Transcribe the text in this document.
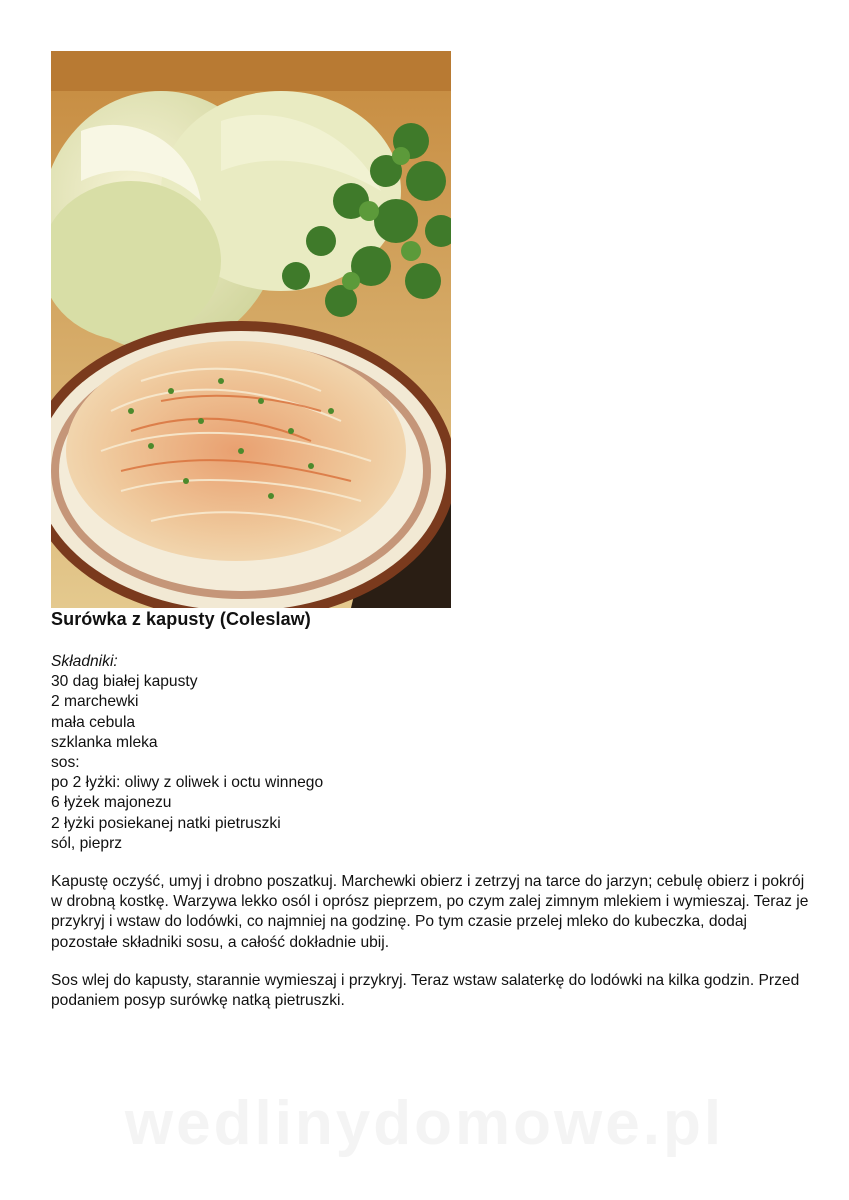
Surówka z kapusty (Coleslaw)
Składniki:
30 dag białej kapusty
2 marchewki
mała cebula
szklanka mleka
sos:
po 2 łyżki: oliwy z oliwek i octu winnego
6 łyżek majonezu
2 łyżki posiekanej natki pietruszki
sól, pieprz

Kapustę oczyść, umyj i drobno poszatkuj. Marchewki obierz i zetrzyj na tarce do jarzyn; cebulę obierz i pokrój w drobną kostkę. Warzywa lekko osól i oprósz pieprzem, po czym zalej zimnym mlekiem i wymieszaj. Teraz je przykryj i wstaw do lodówki, co najmniej na godzinę. Po tym czasie przelej mleko do kubeczka, dodaj pozostałe składniki sosu, a całość dokładnie ubij.

Sos wlej do kapusty, starannie wymieszaj i przykryj. Teraz wstaw salaterkę do lodówki na kilka godzin. Przed podaniem posyp surówkę natką pietruszki.

wedlinydomowe.pl
